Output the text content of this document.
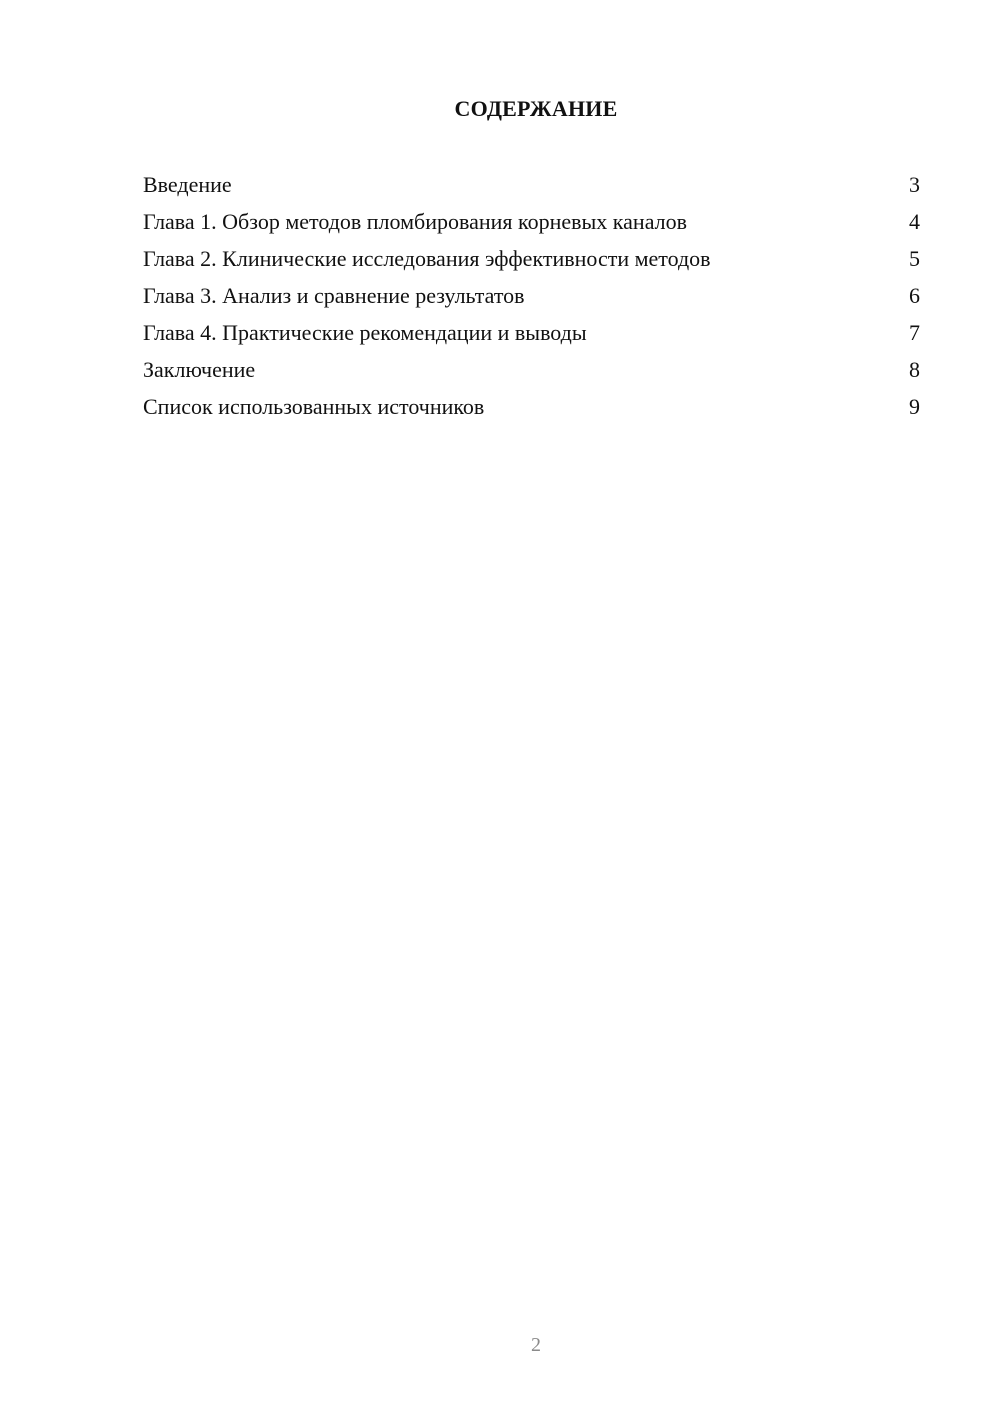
СОДЕРЖАНИЕ
Введение	3
Глава 1. Обзор методов пломбирования корневых каналов	4
Глава 2. Клинические исследования эффективности методов	5
Глава 3. Анализ и сравнение результатов	6
Глава 4. Практические рекомендации и выводы	7
Заключение	8
Список использованных источников	9
2
